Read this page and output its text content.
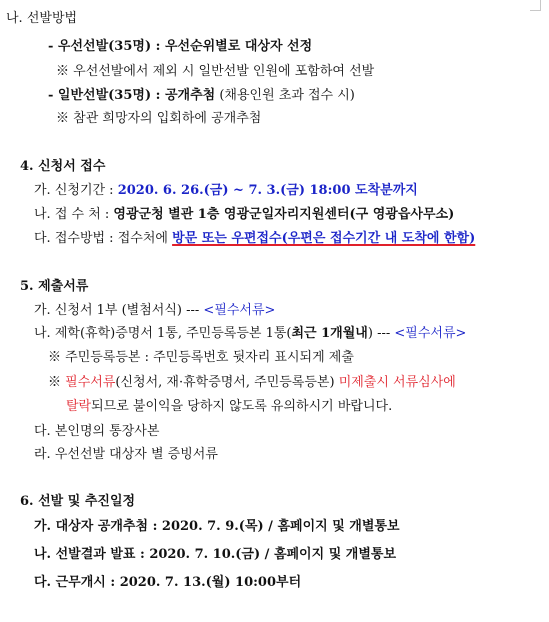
나. 선발방법
- 우선선발(35명) : 우선순위별로 대상자 선정
※ 우선선발에서 제외 시 일반선발 인원에 포함하여 선발
- 일반선발(35명) : 공개추첨 (채용인원 초과 접수 시)
※ 참관 희망자의 입회하에 공개추첨
4. 신청서 접수
가. 신청기간 : 2020. 6. 26.(금) ~ 7. 3.(금) 18:00 도착분까지
나. 접 수 처 : 영광군청 별관 1층 영광군일자리지원센터(구 영광읍사무소)
다. 접수방법 : 접수처에 방문 또는 우편접수(우편은 접수기간 내 도착에 한함)
5. 제출서류
가. 신청서 1부 (별첨서식) --- <필수서류>
나. 제학(휴학)증명서 1통, 주민등록등본 1통(최근 1개월내) --- <필수서류>
※ 주민등록등본 : 주민등록번호 뒷자리 표시되게 제출
※ 필수서류(신청서, 재·휴학증명서, 주민등록등본) 미제출시 서류심사에
탈락되므로 불이익을 당하지 않도록 유의하시기 바랍니다.
다. 본인명의 통장사본
라. 우선선발 대상자 별 증빙서류
6. 선발 및 추진일정
가. 대상자 공개추첨 : 2020. 7. 9.(목) / 홈페이지 및 개별통보
나. 선발결과 발표 : 2020. 7. 10.(금) / 홈페이지 및 개별통보
다. 근무개시 : 2020. 7. 13.(월) 10:00부터
